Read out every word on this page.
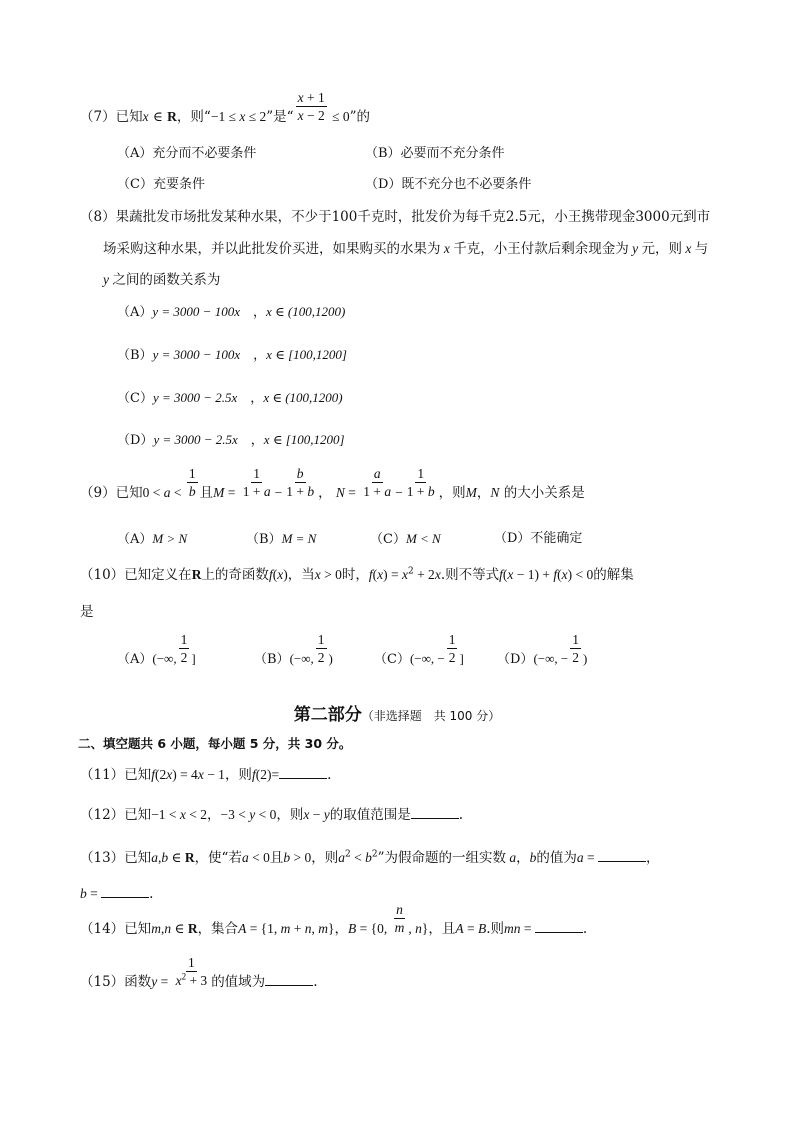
（7）已知x ∈ R，则“−1 ≤ x ≤ 2”是“ $\frac{x + 1}{x - 2} \le 0$”的
（A）充分而不必要条件	（B）必要而不充分条件
（C）充要条件	（D）既不充分也不必要条件
（8）果蔬批发市场批发某种水果，不少于100千克时，批发价为每千克2.5元，小王携带现金3000元到市
场采购这种水果，并以此批发价买进，如果购买的水果为 x 千克，小王付款后剩余现金为 y 元，则 x 与
y 之间的函数关系为
（A）y = 3000 − 100x　，x ∈ (100,1200)
（B）y = 3000 − 100x　，x ∈ [100,1200]
（C）y = 3000 − 2.5x　，x ∈ (100,1200)
（D）y = 3000 − 2.5x　，x ∈ [100,1200]
（9）已知$0 < a < \frac{1}{b}$ 且$M = \frac{1}{1 + a} - \frac{b}{1 + b}$ ， $N = \frac{a}{1 + a} - \frac{1}{1 + b}$ ，则M，N 的大小关系是
（A）M > N	（B）M = N	（C）M < N	（D）不能确定
（10）已知定义在R上的奇函数f(x)，当x > 0时，$f(x) = x^2 + 2x$.则不等式f(x − 1) + f(x) < 0的解集
是
（A）(−∞, $\frac{1}{2}$ ]	（B）(−∞, $\frac{1}{2}$ )	（C）(−∞, − $\frac{1}{2}$ ]	（D）(−∞, − $\frac{1}{2}$ )
第二部分（非选择题　共 100 分）
二、填空题共 6 小题，每小题 5 分，共 30 分。
（11）已知f(2x) = 4x − 1，则f(2)=	.
（12）已知−1 < x < 2，−3 < y < 0，则x − y的取值范围是	.
（13）已知a,b ∈ R，使“若a < 0且b > 0，则$a^2 < b^2$”为假命题的一组实数 a，b的值为a =	，
b =	.
（14）已知m,n ∈ R，集合A = {1, m + n, m}，B = {0, $\frac{n}{m}$ , n}，且A = B.则mn =	.
（15）函数$y = \frac{1}{x^2 + 3}$ 的值域为	.
